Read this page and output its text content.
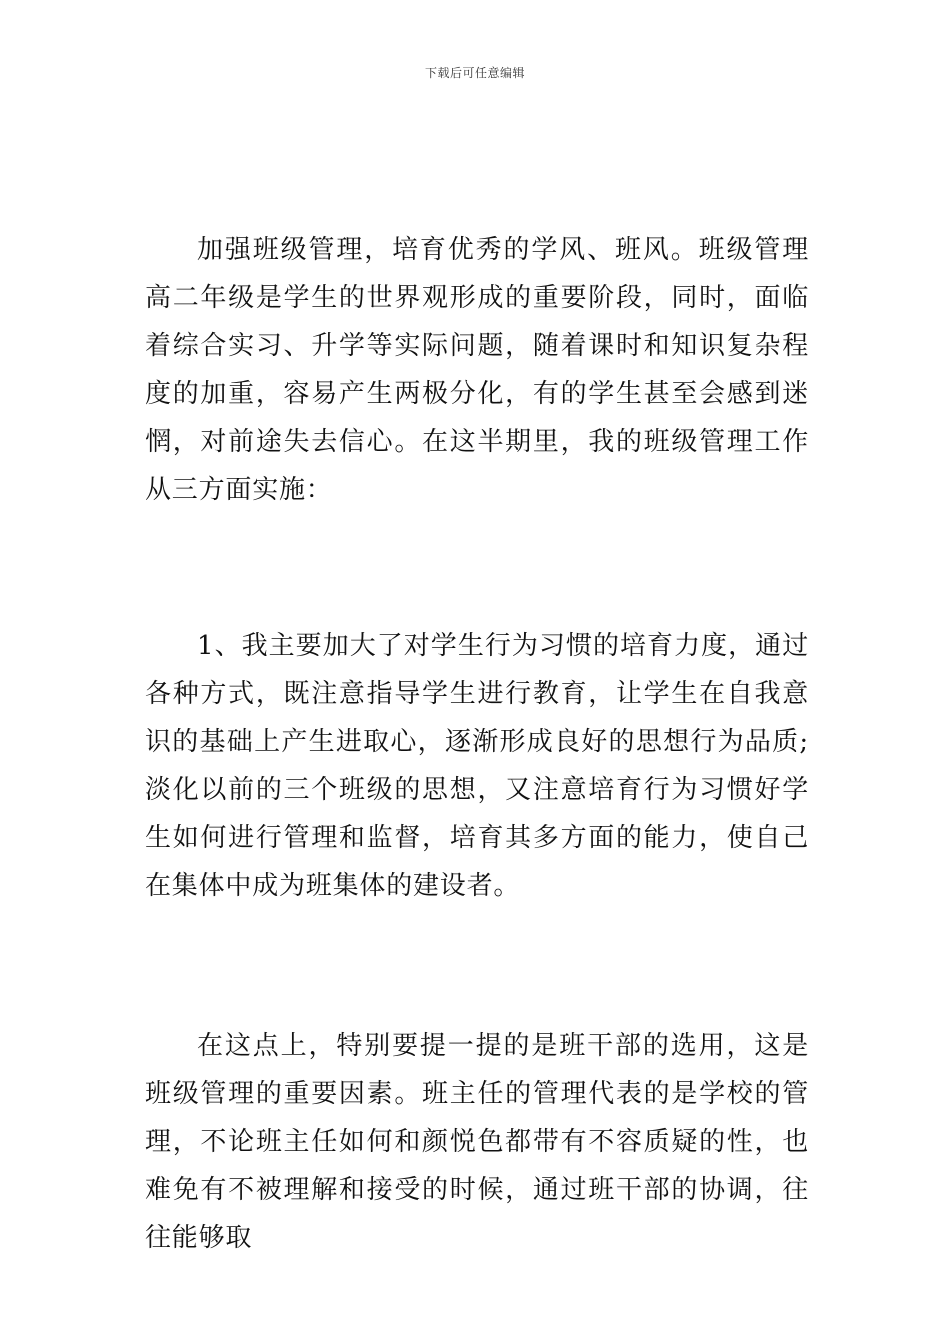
下载后可任意编辑

加强班级管理，培育优秀的学风、班风。班级管理高二年级是学生的世界观形成的重要阶段，同时，面临着综合实习、升学等实际问题，随着课时和知识复杂程度的加重，容易产生两极分化，有的学生甚至会感到迷惘，对前途失去信心。在这半期里，我的班级管理工作从三方面实施：

1、我主要加大了对学生行为习惯的培育力度，通过各种方式，既注意指导学生进行教育，让学生在自我意识的基础上产生进取心，逐渐形成良好的思想行为品质;淡化以前的三个班级的思想，又注意培育行为习惯好学生如何进行管理和监督，培育其多方面的能力，使自己在集体中成为班集体的建设者。

在这点上，特别要提一提的是班干部的选用，这是班级管理的重要因素。班主任的管理代表的是学校的管理，不论班主任如何和颜悦色都带有不容质疑的性，也难免有不被理解和接受的时候，通过班干部的协调，往往能够取
